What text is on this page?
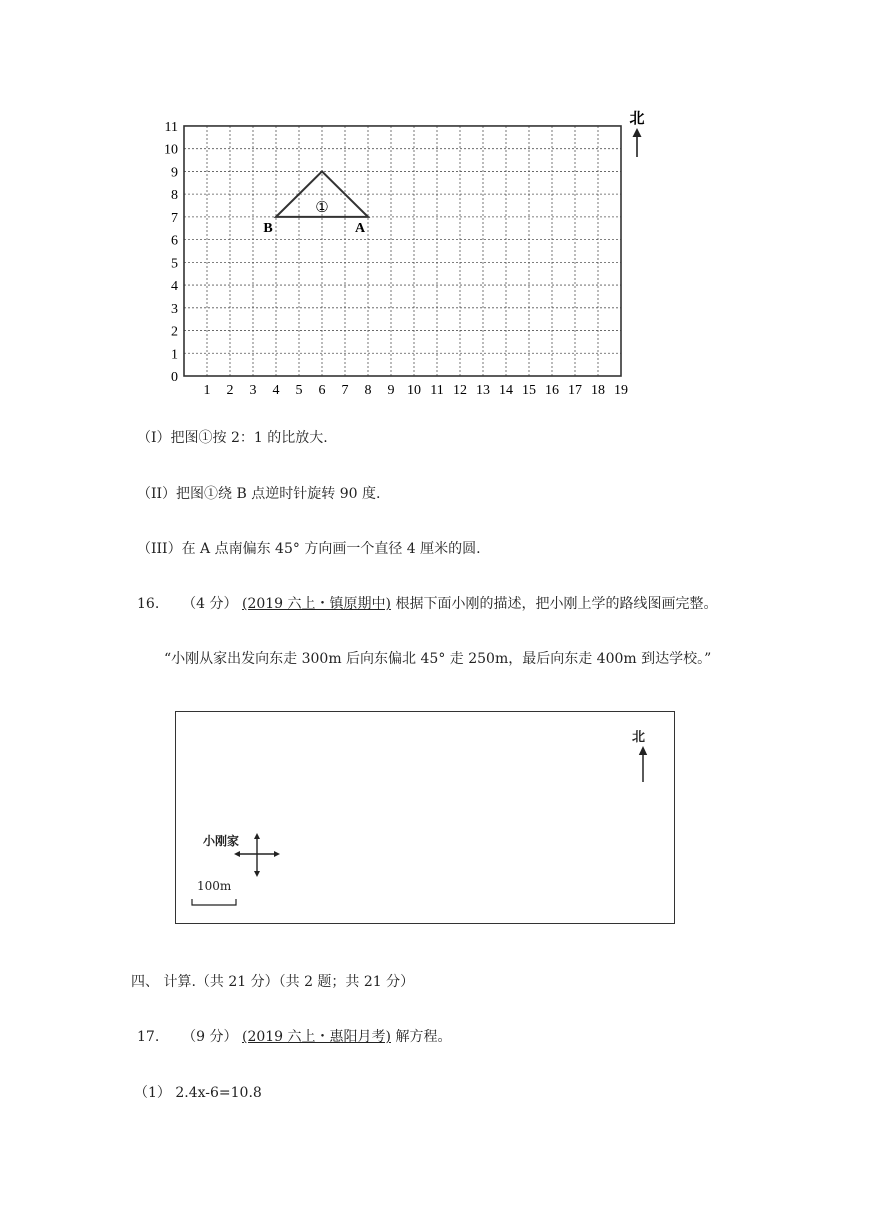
0
1
2
3
4
5
6
7
8
9
10
11
1 2 3 4 5 6 7 8 9 10 11 12 13 14 15 16 17 18 19
①
B	A
北
（I）把图①按 2：1 的比放大.
（II）把图①绕 B 点逆时针旋转 90 度.
（III）在 A 点南偏东 45° 方向画一个直径 4 厘米的圆.
16. （4 分） (2019 六上・镇原期中) 根据下面小刚的描述，把小刚上学的路线图画完整。
“小刚从家出发向东走 300m 后向东偏北 45° 走 250m，最后向东走 400m 到达学校。”
北
小刚家
100m
四、 计算.（共 21 分）（共 2 题；共 21 分）
17. （9 分） (2019 六上・惠阳月考) 解方程。
（1） 2.4x-6=10.8
